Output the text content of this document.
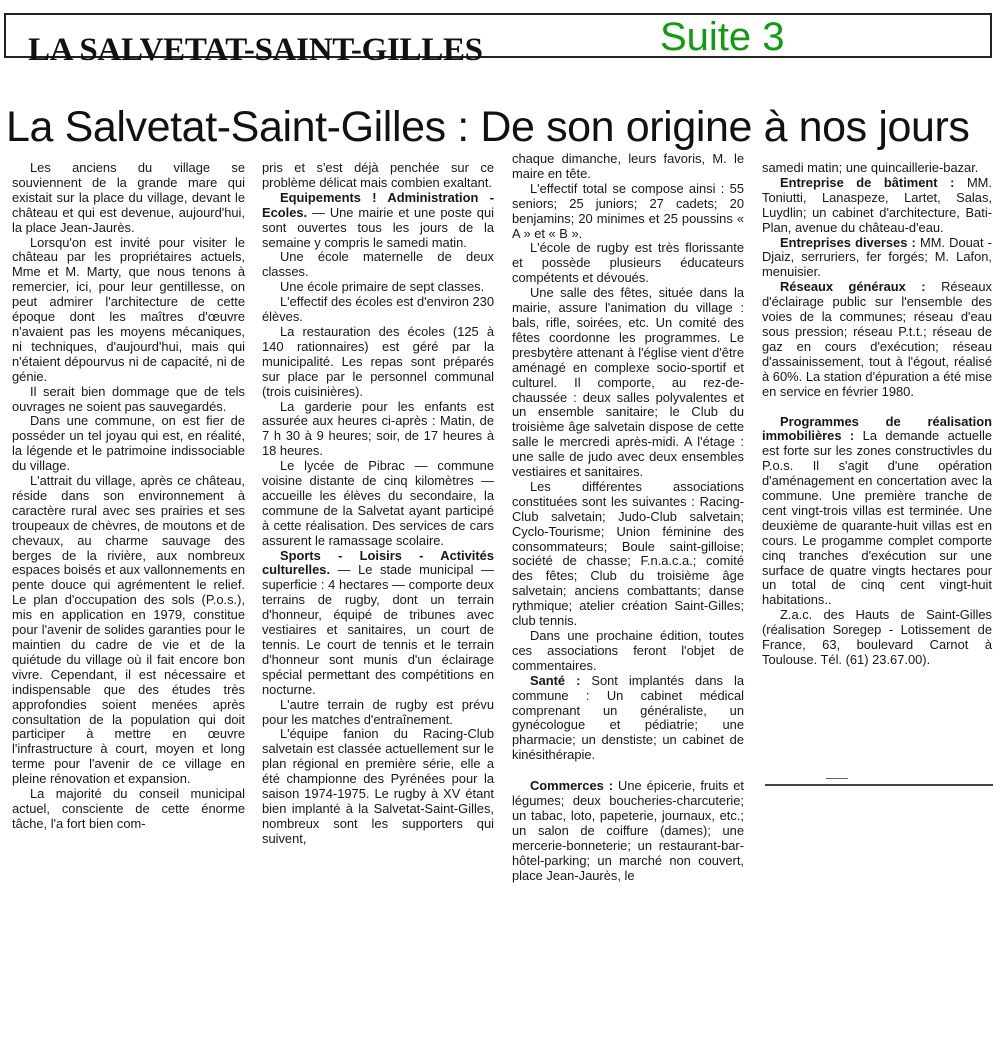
LA SALVETAT-SAINT-GILLES	Suite 3
La Salvetat-Saint-Gilles : De son origine à nos jours

Les anciens du village se souviennent de la grande mare qui existait sur la place du village, devant le château et qui est devenue, aujourd'hui, la place Jean-Jaurès.

Lorsqu'on est invité pour visiter le château par les propriétaires actuels, Mme et M. Marty, que nous tenons à remercier, ici, pour leur gentillesse, on peut admirer l'architecture de cette époque dont les maîtres d'œuvre n'avaient pas les moyens mécaniques, ni techniques, d'aujourd'hui, mais qui n'étaient dépourvus ni de capacité, ni de génie.

Il serait bien dommage que de tels ouvrages ne soient pas sauvegardés.

Dans une commune, on est fier de posséder un tel joyau qui est, en réalité, la légende et le patrimoine indissociable du village.

L'attrait du village, après ce château, réside dans son environnement à caractère rural avec ses prairies et ses troupeaux de chèvres, de moutons et de chevaux, au charme sauvage des berges de la rivière, aux nombreux espaces boisés et aux vallonnements en pente douce qui agrémentent le relief. Le plan d'occupation des sols (P.o.s.), mis en application en 1979, constitue pour l'avenir de solides garanties pour le maintien du cadre de vie et de la quiétude du village où il fait encore bon vivre. Cependant, il est nécessaire et indispensable que des études très approfondies soient menées après consultation de la population qui doit participer à mettre en œuvre l'infrastructure à court, moyen et long terme pour l'avenir de ce village en pleine rénovation et expansion.

La majorité du conseil municipal actuel, consciente de cette énorme tâche, l'a fort bien com-

pris et s'est déjà penchée sur ce problème délicat mais combien exaltant.

Equipements ! Administration - Ecoles. — Une mairie et une poste qui sont ouvertes tous les jours de la semaine y compris le samedi matin.

Une école maternelle de deux classes.

Une école primaire de sept classes.

L'effectif des écoles est d'environ 230 élèves.

La restauration des écoles (125 à 140 rationnaires) est géré par la municipalité. Les repas sont préparés sur place par le personnel communal (trois cuisinières).

La garderie pour les enfants est assurée aux heures ci-après : Matin, de 7 h 30 à 9 heures; soir, de 17 heures à 18 heures.

Le lycée de Pibrac — commune voisine distante de cinq kilomètres — accueille les élèves du secondaire, la commune de la Salvetat ayant participé à cette réalisation. Des services de cars assurent le ramassage scolaire.

Sports - Loisirs - Activités culturelles. — Le stade municipal — superficie : 4 hectares — comporte deux terrains de rugby, dont un terrain d'honneur, équipé de tribunes avec vestiaires et sanitaires, un court de tennis. Le court de tennis et le terrain d'honneur sont munis d'un éclairage spécial permettant des compétitions en nocturne.

L'autre terrain de rugby est prévu pour les matches d'entraînement.

L'équipe fanion du Racing-Club salvetain est classée actuellement sur le plan régional en première série, elle a été championne des Pyrénées pour la saison 1974-1975. Le rugby à XV étant bien implanté à la Salvetat-Saint-Gilles, nombreux sont les supporters qui suivent,

chaque dimanche, leurs favoris, M. le maire en tête.

L'effectif total se compose ainsi : 55 seniors; 25 juniors; 27 cadets; 20 benjamins; 20 minimes et 25 poussins « A » et « B ».

L'école de rugby est très florissante et possède plusieurs éducateurs compétents et dévoués.

Une salle des fêtes, située dans la mairie, assure l'animation du village : bals, rifle, soirées, etc. Un comité des fêtes coordonne les programmes. Le presbytère attenant à l'église vient d'être aménagé en complexe socio-sportif et culturel. Il comporte, au rez-de-chaussée : deux salles polyvalentes et un ensemble sanitaire; le Club du troisième âge salvetain dispose de cette salle le mercredi après-midi. A l'étage : une salle de judo avec deux ensembles vestiaires et sanitaires.

Les différentes associations constituées sont les suivantes : Racing-Club salvetain; Judo-Club salvetain; Cyclo-Tourisme; Union féminine des consommateurs; Boule saint-gilloise; société de chasse; F.n.a.c.a.; comité des fêtes; Club du troisième âge salvetain; anciens combattants; danse rythmique; atelier création Saint-Gilles; club tennis.

Dans une prochaine édition, toutes ces associations feront l'objet de commentaires.

Santé : Sont implantés dans la commune : Un cabinet médical comprenant un généraliste, un gynécologue et pédiatrie; une pharmacie; un denstiste; un cabinet de kinésithérapie.

Commerces : Une épicerie, fruits et légumes; deux boucheries-charcuterie; un tabac, loto, papeterie, journaux, etc.; un salon de coiffure (dames); une mercerie-bonneterie; un restaurant-bar-hôtel-parking; un marché non couvert, place Jean-Jaurès, le

samedi matin; une quincaillerie-bazar.

Entreprise de bâtiment : MM. Toniutti, Lanaspeze, Lartet, Salas, Luydlin; un cabinet d'architecture, Bati-Plan, avenue du château-d'eau.

Entreprises diverses : MM. Douat - Djaiz, serruriers, fer forgés; M. Lafon, menuisier.

Réseaux généraux : Réseaux d'éclairage public sur l'ensemble des voies de la communes; réseau d'eau sous pression; réseau P.t.t.; réseau de gaz en cours d'exécution; réseau d'assainissement, tout à l'égout, réalisé à 60%. La station d'épuration a été mise en service en février 1980.

Programmes de réalisation immobilières : La demande actuelle est forte sur les zones constructivles du P.o.s. Il s'agit d'une opération d'aménagement en concertation avec la commune. Une première tranche de cent vingt-trois villas est terminée. Une deuxième de quarante-huit villas est en cours. Le progamme complet comporte cinq tranches d'exécution sur une surface de quatre vingts hectares pour un total de cinq cent vingt-huit habitations..

Z.a.c. des Hauts de Saint-Gilles (réalisation Soregep - Lotissement de France, 63, boulevard Carnot à Toulouse. Tél. (61) 23.67.00).
